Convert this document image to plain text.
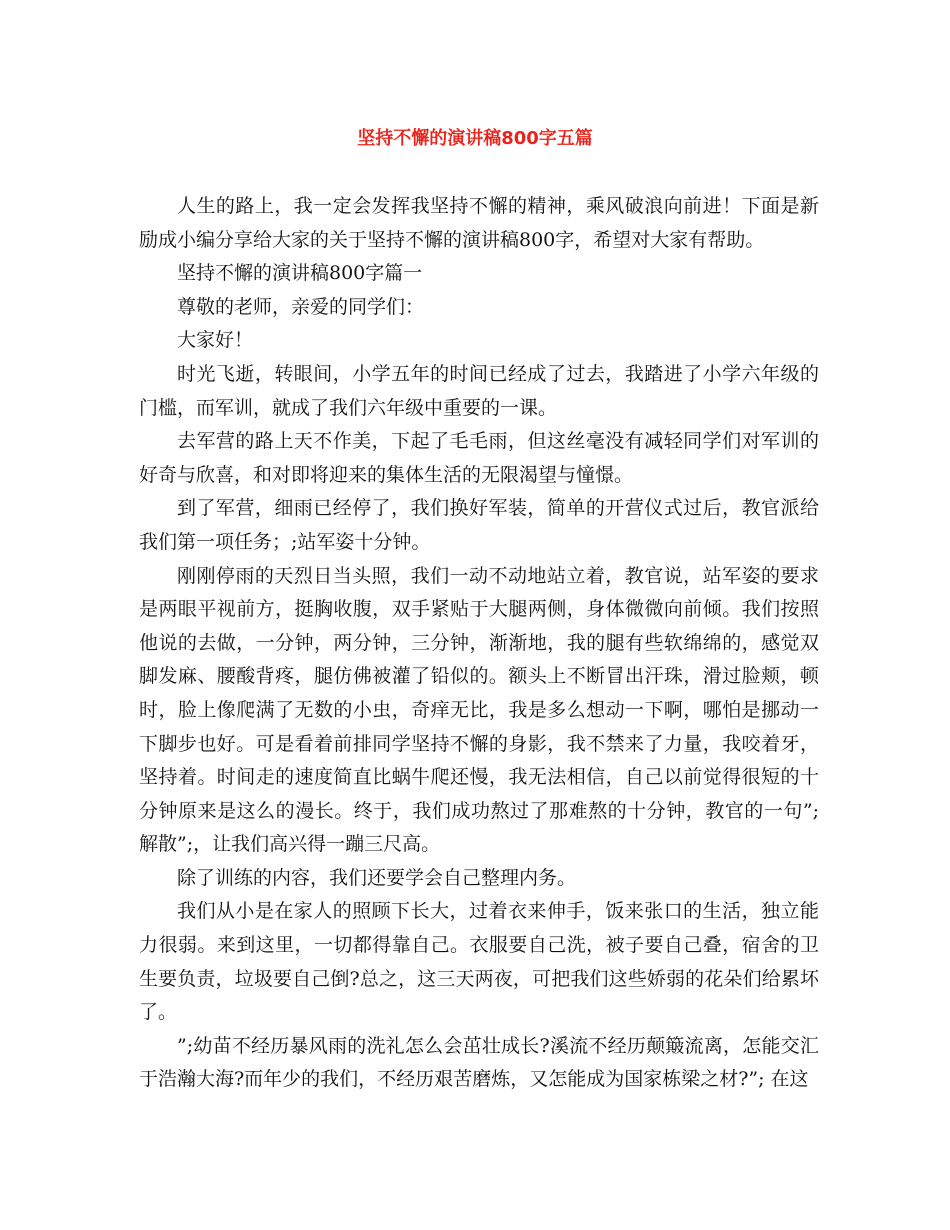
坚持不懈的演讲稿800字五篇

人生的路上，我一定会发挥我坚持不懈的精神，乘风破浪向前进！下面是新励成小编分享给大家的关于坚持不懈的演讲稿800字，希望对大家有帮助。

坚持不懈的演讲稿800字篇一

尊敬的老师，亲爱的同学们：

大家好！

时光飞逝，转眼间，小学五年的时间已经成了过去，我踏进了小学六年级的门槛，而军训，就成了我们六年级中重要的一课。

去军营的路上天不作美，下起了毛毛雨，但这丝毫没有减轻同学们对军训的好奇与欣喜，和对即将迎来的集体生活的无限渴望与憧憬。

到了军营，细雨已经停了，我们换好军装，简单的开营仪式过后，教官派给我们第一项任务；;站军姿十分钟。

刚刚停雨的天烈日当头照，我们一动不动地站立着，教官说，站军姿的要求是两眼平视前方，挺胸收腹，双手紧贴于大腿两侧，身体微微向前倾。我们按照他说的去做，一分钟，两分钟，三分钟，渐渐地，我的腿有些软绵绵的，感觉双脚发麻、腰酸背疼，腿仿佛被灌了铅似的。额头上不断冒出汗珠，滑过脸颊，顿时，脸上像爬满了无数的小虫，奇痒无比，我是多么想动一下啊，哪怕是挪动一下脚步也好。可是看着前排同学坚持不懈的身影，我不禁来了力量，我咬着牙，坚持着。时间走的速度简直比蜗牛爬还慢，我无法相信，自己以前觉得很短的十分钟原来是这么的漫长。终于，我们成功熬过了那难熬的十分钟，教官的一句”;解散”;，让我们高兴得一蹦三尺高。

除了训练的内容，我们还要学会自己整理内务。

我们从小是在家人的照顾下长大，过着衣来伸手，饭来张口的生活，独立能力很弱。来到这里，一切都得靠自己。衣服要自己洗，被子要自己叠，宿舍的卫生要负责，垃圾要自己倒?总之，这三天两夜，可把我们这些娇弱的花朵们给累坏了。

”;幼苗不经历暴风雨的洗礼怎么会茁壮成长?溪流不经历颠簸流离，怎能交汇于浩瀚大海?而年少的我们，不经历艰苦磨炼，又怎能成为国家栋梁之材?”; 在这
